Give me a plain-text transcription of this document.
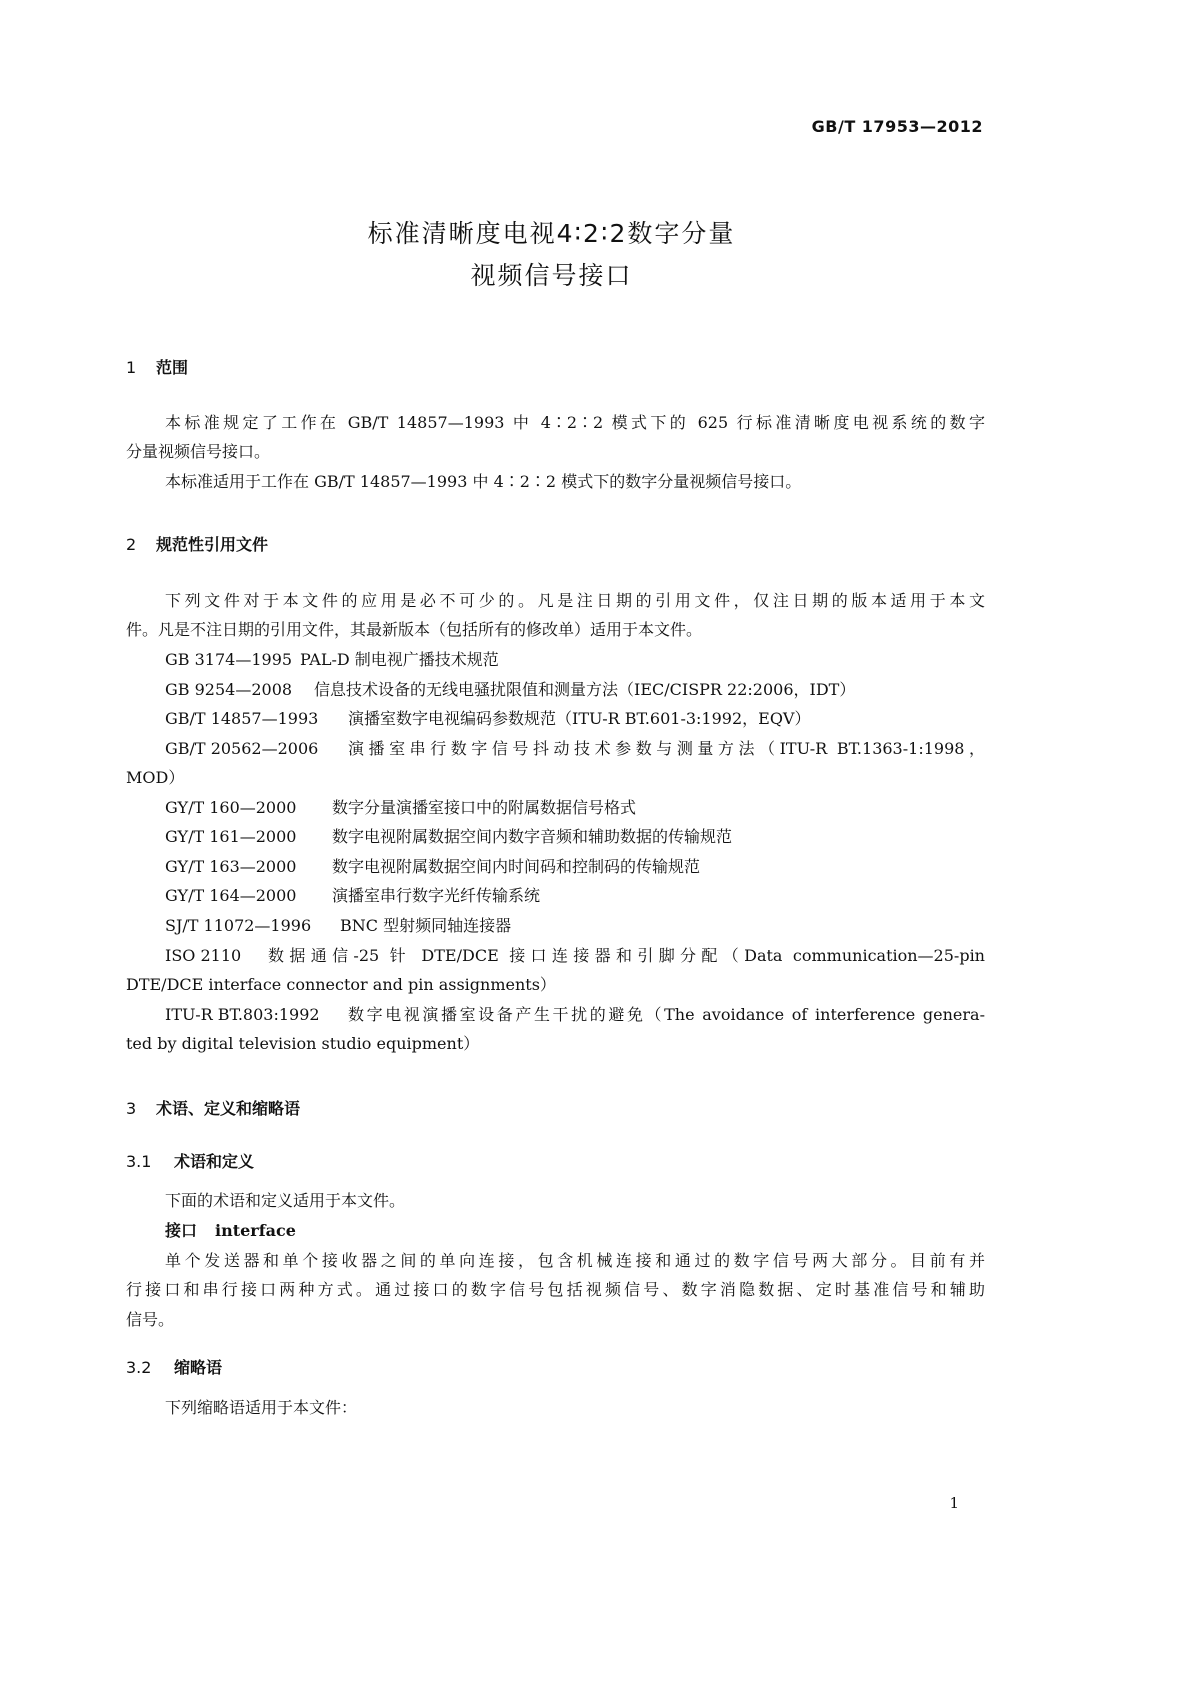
GB/T 17953—2012
标准清晰度电视4∶2∶2数字分量
视频信号接口
1 范围
本标准规定了工作在 GB/T 14857—1993 中 4∶2∶2 模式下的 625 行标准清晰度电视系统的数字
分量视频信号接口。
本标准适用于工作在 GB/T 14857—1993 中 4∶2∶2 模式下的数字分量视频信号接口。
2 规范性引用文件
下列文件对于本文件的应用是必不可少的。凡是注日期的引用文件，仅注日期的版本适用于本文
件。凡是不注日期的引用文件，其最新版本（包括所有的修改单）适用于本文件。
GB 3174—1995 PAL-D 制电视广播技术规范
GB 9254—2008 信息技术设备的无线电骚扰限值和测量方法（IEC/CISPR 22:2006，IDT）
GB/T 14857—1993 演播室数字电视编码参数规范（ITU-R BT.601-3:1992，EQV）
GB/T 20562—2006 演播室串行数字信号抖动技术参数与测量方法（ITU-R BT.1363-1:1998，
MOD）
GY/T 160—2000 数字分量演播室接口中的附属数据信号格式
GY/T 161—2000 数字电视附属数据空间内数字音频和辅助数据的传输规范
GY/T 163—2000 数字电视附属数据空间内时间码和控制码的传输规范
GY/T 164—2000 演播室串行数字光纤传输系统
SJ/T 11072—1996 BNC 型射频同轴连接器
ISO 2110 数据通信-25 针 DTE/DCE 接口连接器和引脚分配（Data communication—25-pin
DTE/DCE interface connector and pin assignments）
ITU-R BT.803:1992 数字电视演播室设备产生干扰的避免（The avoidance of interference genera-
ted by digital television studio equipment）
3 术语、定义和缩略语
3.1 术语和定义
下面的术语和定义适用于本文件。
接口 interface
单个发送器和单个接收器之间的单向连接，包含机械连接和通过的数字信号两大部分。目前有并
行接口和串行接口两种方式。通过接口的数字信号包括视频信号、数字消隐数据、定时基准信号和辅助
信号。
3.2 缩略语
下列缩略语适用于本文件：
1
